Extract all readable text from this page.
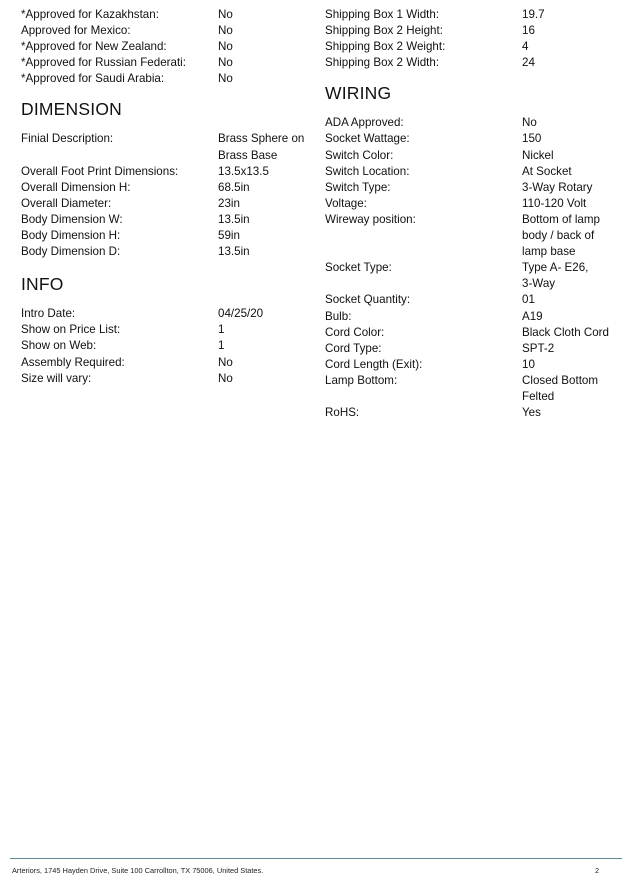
*Approved for Kazakhstan:	No
Approved for Mexico:	No
*Approved for New Zealand:	No
*Approved for Russian Federati:	No
*Approved for Saudi Arabia:	No
DIMENSION
Finial Description:	Brass Sphere on
Brass Base
Overall Foot Print Dimensions:	13.5x13.5
Overall Dimension H:	68.5in
Overall Diameter:	23in
Body Dimension W:	13.5in
Body Dimension H:	59in
Body Dimension D:	13.5in
INFO
Intro Date:	04/25/20
Show on Price List:	1
Show on Web:	1
Assembly Required:	No
Size will vary:	No
Shipping Box 1 Width:	19.7
Shipping Box 2 Height:	16
Shipping Box 2 Weight:	4
Shipping Box 2 Width:	24
WIRING
ADA Approved:	No
Socket Wattage:	150
Switch Color:	Nickel
Switch Location:	At Socket
Switch Type:	3-Way Rotary
Voltage:	110-120 Volt
Wireway position:	Bottom of lamp
body / back of
lamp base
Socket Type:	Type A- E26,
3-Way
Socket Quantity:	01
Bulb:	A19
Cord Color:	Black Cloth Cord
Cord Type:	SPT-2
Cord Length (Exit):	10
Lamp Bottom:	Closed Bottom
Felted
RoHS:	Yes
Arteriors, 1745 Hayden Drive, Suite 100 Carrollton, TX 75006, United States.	2
